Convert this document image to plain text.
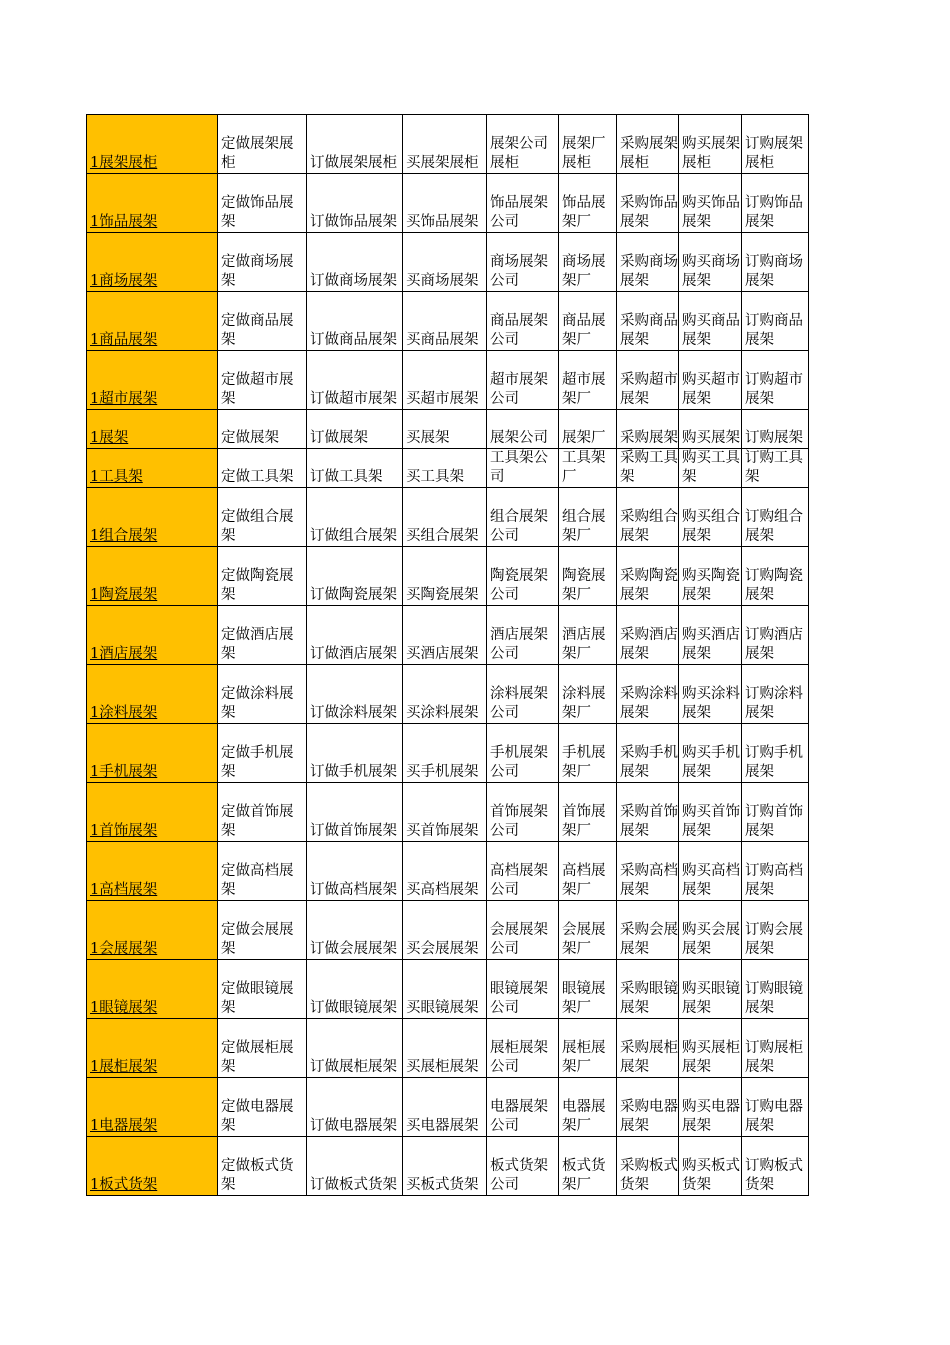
1展架展柜	定做展架展柜	订做展架展柜	买展架展柜	展架公司展柜	展架厂展柜	采购展架展柜	购买展架展柜	订购展架展柜

1饰品展架	定做饰品展架	订做饰品展架	买饰品展架	饰品展架公司	饰品展架厂	采购饰品展架	购买饰品展架	订购饰品展架

1商场展架	定做商场展架	订做商场展架	买商场展架	商场展架公司	商场展架厂	采购商场展架	购买商场展架	订购商场展架

1商品展架	定做商品展架	订做商品展架	买商品展架	商品展架公司	商品展架厂	采购商品展架	购买商品展架	订购商品展架

1超市展架	定做超市展架	订做超市展架	买超市展架	超市展架公司	超市展架厂	采购超市展架	购买超市展架	订购超市展架

1展架	定做展架	订做展架	买展架	展架公司	展架厂	采购展架	购买展架	订购展架

1工具架	定做工具架	订做工具架	买工具架	工具架公司	工具架厂	采购工具架	购买工具架	订购工具架

1组合展架	定做组合展架	订做组合展架	买组合展架	组合展架公司	组合展架厂	采购组合展架	购买组合展架	订购组合展架

1陶瓷展架	定做陶瓷展架	订做陶瓷展架	买陶瓷展架	陶瓷展架公司	陶瓷展架厂	采购陶瓷展架	购买陶瓷展架	订购陶瓷展架

1酒店展架	定做酒店展架	订做酒店展架	买酒店展架	酒店展架公司	酒店展架厂	采购酒店展架	购买酒店展架	订购酒店展架

1涂料展架	定做涂料展架	订做涂料展架	买涂料展架	涂料展架公司	涂料展架厂	采购涂料展架	购买涂料展架	订购涂料展架

1手机展架	定做手机展架	订做手机展架	买手机展架	手机展架公司	手机展架厂	采购手机展架	购买手机展架	订购手机展架

1首饰展架	定做首饰展架	订做首饰展架	买首饰展架	首饰展架公司	首饰展架厂	采购首饰展架	购买首饰展架	订购首饰展架

1高档展架	定做高档展架	订做高档展架	买高档展架	高档展架公司	高档展架厂	采购高档展架	购买高档展架	订购高档展架

1会展展架	定做会展展架	订做会展展架	买会展展架	会展展架公司	会展展架厂	采购会展展架	购买会展展架	订购会展展架

1眼镜展架	定做眼镜展架	订做眼镜展架	买眼镜展架	眼镜展架公司	眼镜展架厂	采购眼镜展架	购买眼镜展架	订购眼镜展架

1展柜展架	定做展柜展架	订做展柜展架	买展柜展架	展柜展架公司	展柜展架厂	采购展柜展架	购买展柜展架	订购展柜展架

1电器展架	定做电器展架	订做电器展架	买电器展架	电器展架公司	电器展架厂	采购电器展架	购买电器展架	订购电器展架

1板式货架	定做板式货架	订做板式货架	买板式货架	板式货架公司	板式货架厂	采购板式货架	购买板式货架	订购板式货架
